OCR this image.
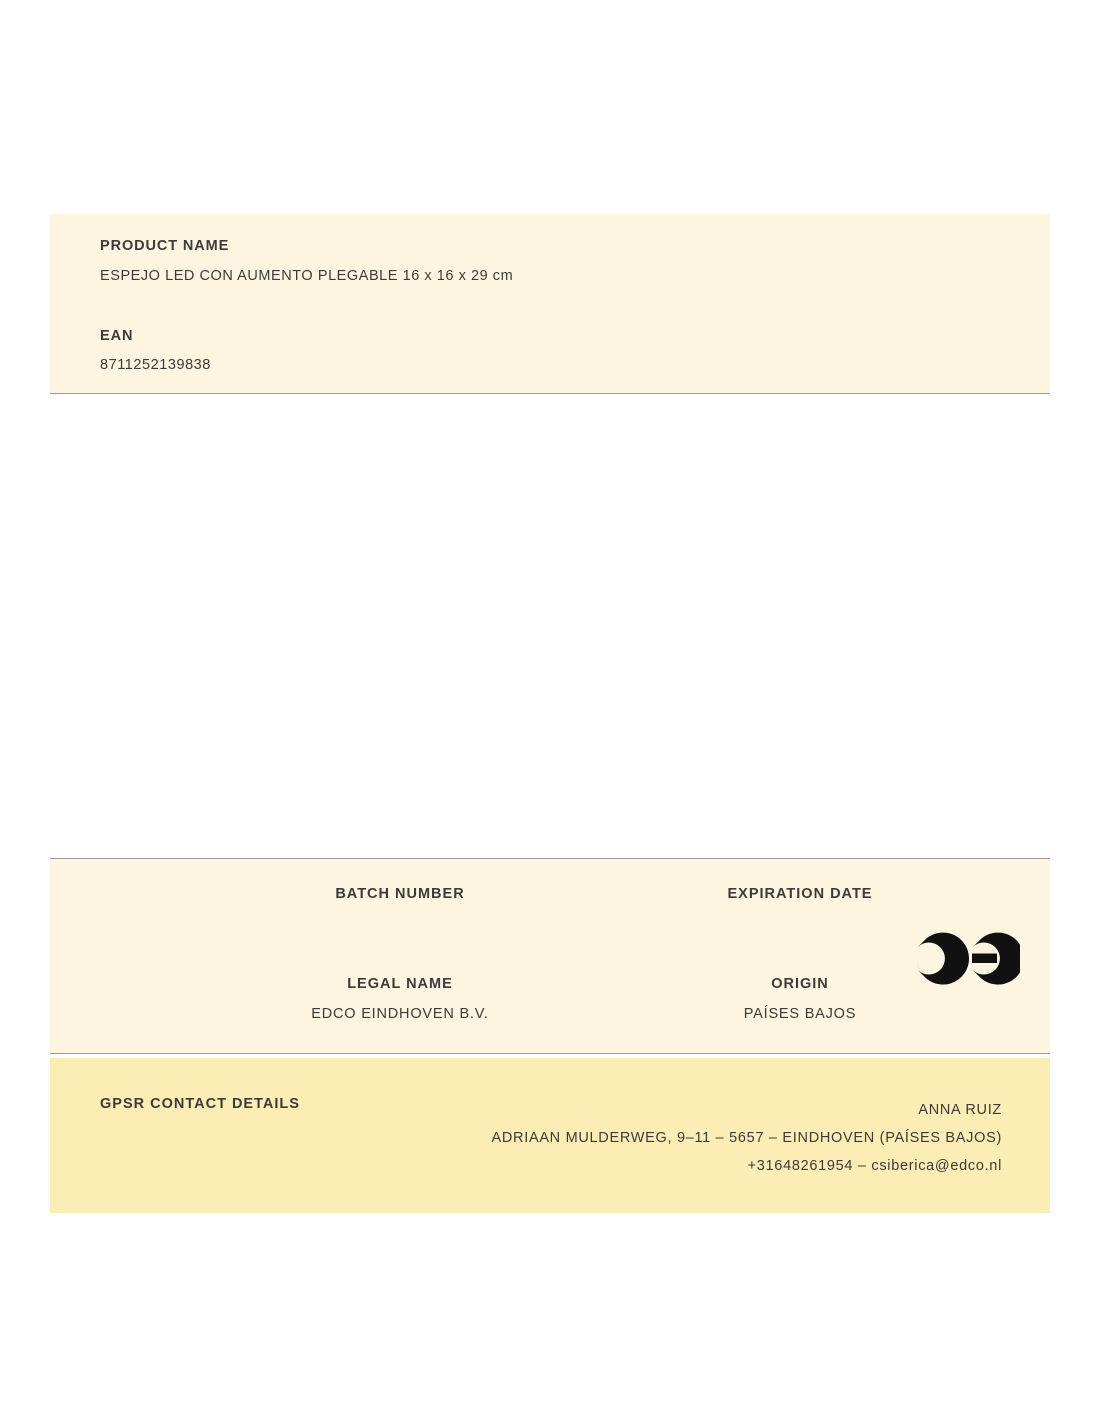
PRODUCT NAME
ESPEJO LED CON AUMENTO PLEGABLE 16 x 16 x 29 cm
EAN
8711252139838
BATCH NUMBER	EXPIRATION DATE
LEGAL NAME
EDCO EINDHOVEN B.V.
ORIGIN
PAÍSES BAJOS
GPSR CONTACT DETAILS	ANNA RUIZ
ADRIAAN MULDERWEG, 9–11 – 5657 – EINDHOVEN (PAÍSES BAJOS)
+31648261954 – csiberica@edco.nl
